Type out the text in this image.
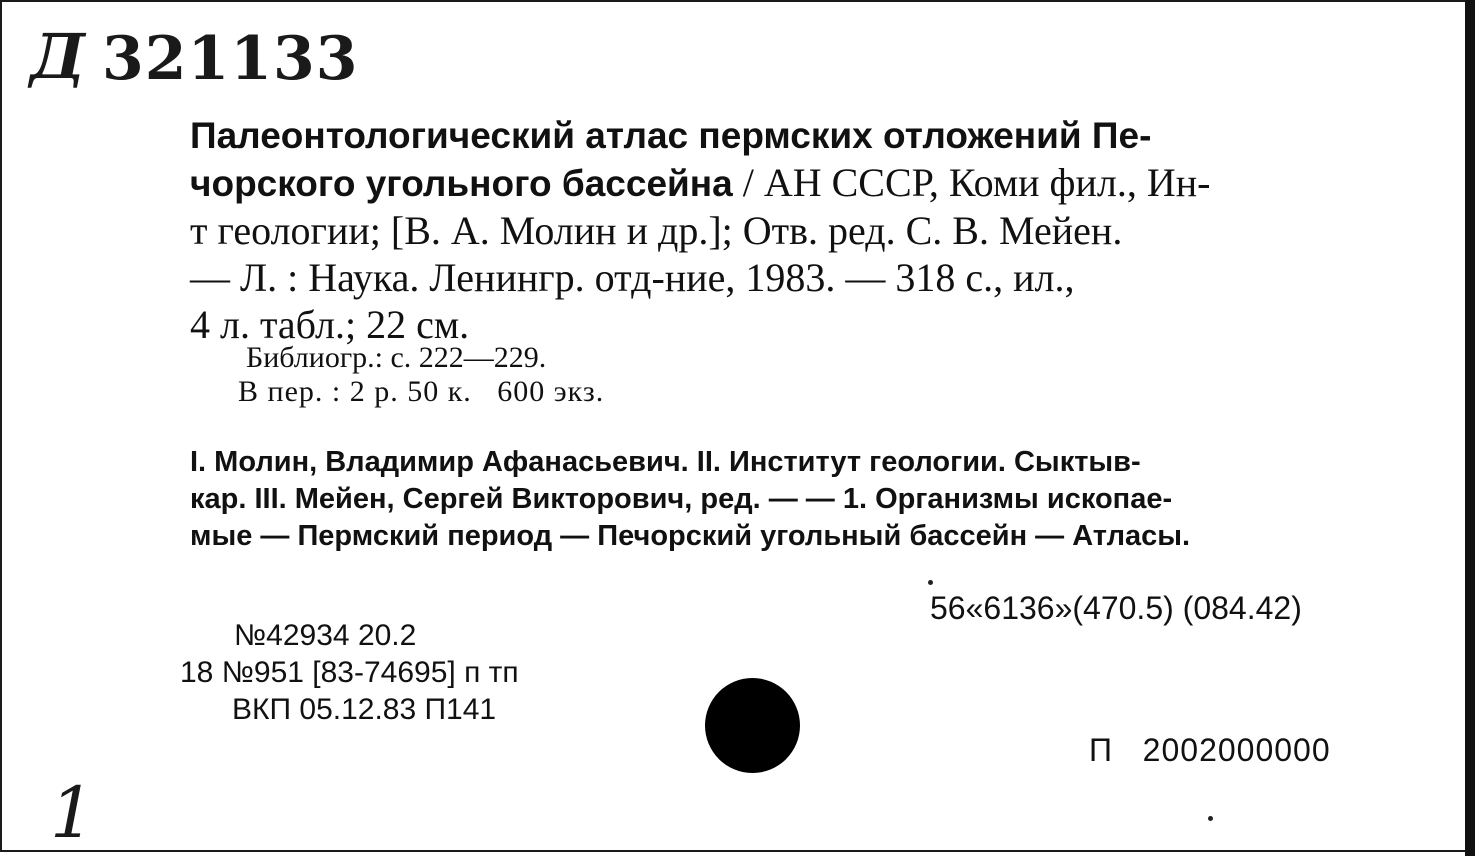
Д 321133
Палеонтологический атлас пермских отложений Пе-
чорского угольного бассейна / АН СССР, Коми фил., Ин-
т геологии; [В. А. Молин и др.]; Отв. ред. С. В. Мейен.
— Л. : Наука. Ленингр. отд-ние, 1983. — 318 с., ил.,
4 л. табл.; 22 см.
Библиогр.: с. 222—229.
В пер. : 2 р. 50 к.   600 экз.
I. Молин, Владимир Афанасьевич. II. Институт геологии. Сыктыв-
кар. III. Мейен, Сергей Викторович, ред. — — 1. Организмы ископае-
мые — Пермский период — Печорский угольный бассейн — Атласы.
56«6136»(470.5) (084.42)
№42934 20.2
18 №951 [83-74695] п тп
ВКП 05.12.83 П141
П   2002000000
1
